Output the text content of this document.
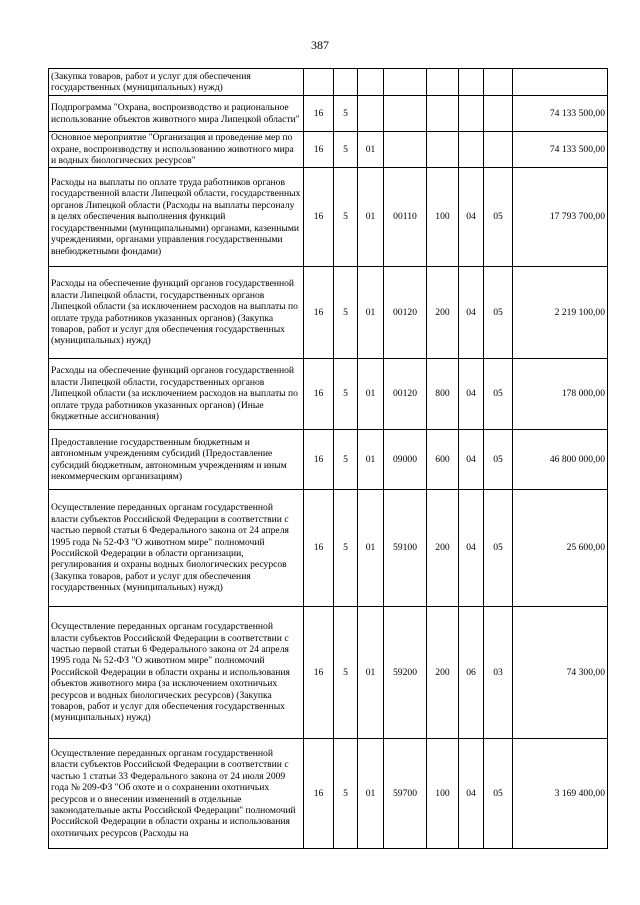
387
(Закупка товаров, работ и услуг для обеспечения государственных (муниципальных) нужд)								
Подпрограмма "Охрана, воспроизводство и рациональное использование объектов животного мира Липецкой области"	16	5						74 133 500,00
Основное мероприятие "Организация и проведение мер по охране, воспроизводству и использованию животного мира и водных биологических ресурсов"	16	5	01					74 133 500,00
Расходы на выплаты по оплате труда работников органов государственной власти Липецкой области, государственных органов Липецкой области (Расходы на выплаты персоналу в целях обеспечения выполнения функций государственными (муниципальными) органами, казенными учреждениями, органами управления государственными внебюджетными фондами)	16	5	01	00110	100	04	05	17 793 700,00
Расходы на обеспечение функций органов государственной власти Липецкой области, государственных органов Липецкой области (за исключением расходов на выплаты по оплате труда работников указанных органов) (Закупка товаров, работ и услуг для обеспечения государственных (муниципальных) нужд)	16	5	01	00120	200	04	05	2 219 100,00
Расходы на обеспечение функций органов государственной власти Липецкой области, государственных органов Липецкой области (за исключением расходов на выплаты по оплате труда работников указанных органов) (Иные бюджетные ассигнования)	16	5	01	00120	800	04	05	178 000,00
Предоставление государственным бюджетным и автономным учреждениям субсидий (Предоставление субсидий бюджетным, автономным учреждениям и иным некоммерческим организациям)	16	5	01	09000	600	04	05	46 800 000,00
Осуществление переданных органам государственной власти субъектов Российской Федерации в соответствии с частью первой статьи 6 Федерального закона от 24 апреля 1995 года № 52-ФЗ "О животном мире" полномочий Российской Федерации в области организации, регулирования и охраны водных биологических ресурсов (Закупка товаров, работ и услуг для обеспечения государственных (муниципальных) нужд)	16	5	01	59100	200	04	05	25 600,00
Осуществление переданных органам государственной власти субъектов Российской Федерации в соответствии с частью первой статьи 6 Федерального закона от 24 апреля 1995 года № 52-ФЗ "О животном мире" полномочий Российской Федерации в области охраны и использования объектов животного мира (за исключением охотничьих ресурсов и водных биологических ресурсов) (Закупка товаров, работ и услуг для обеспечения государственных (муниципальных) нужд)	16	5	01	59200	200	06	03	74 300,00
Осуществление переданных органам государственной власти субъектов Российской Федерации в соответствии с частью 1 статьи 33 Федерального закона от 24 июля 2009 года № 209-ФЗ "Об охоте и о сохранении охотничьих ресурсов и о внесении изменений в отдельные законодательные акты Российской Федерации" полномочий Российской Федерации в области охраны и использования охотничьих ресурсов (Расходы на	16	5	01	59700	100	04	05	3 169 400,00
